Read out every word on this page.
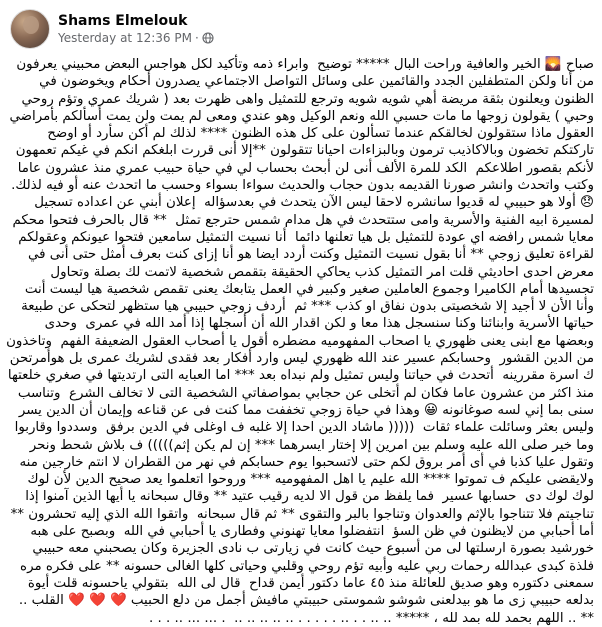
Shams Elmelouk
Yesterday at 12:36 PM ·

صباح 🌄 الخير والعافية وراحت البال ***** توضيح  وابراء ذمه وتأكيد لكل هواجس البعض محبيني يعرفون من أنا ولكن المتطفلين الجدد والقائمين على وسائل التواصل الاجتماعي يصدرون أحكام ويخوضون في الظنون ويعلنون بثقة مريضة أهي شويه شويه وترجع للتمثيل واهى ظهرت بعد ( شريك عمري وتؤم روحي وحبي ) يقولون زوجها ما مات حسبي الله ونعم الوكيل وهو عندي ومعى لم يمت ولن يمت أسألكم بأمراضي العقول ماذا ستقولون لخالقكم عندما تسألون على كل هذه الظنون **** لذلك لم أكن سأرد أو اوضح تاركتكم تخضون وبالاكاذيب ترمون وبالبزاءات احيانا تتقولون **إلا أنى قررت ابلغكم انكم في غيكم تعمهون لأنكم بقصور اطلاعكم  الكد للمرة الألف أنى لن أبحث بحساب لي في حياة حبيب عمري منذ عشرون عاما وكتب واتحدث وانشر صورنا القديمه بدون حجاب والحديث سواءا بسواء وحسب ما اتحدث عنه أو فيه لذلك. 😞 أولا هو حبيبي له قديوا سانشره لاحقا ليس الآن يتحدث في بعدسؤاله  إعلان أبني عن اعداده تسجيل لمسيرة ابيه الفنية والأسرية وامى ستتحدث في هل مدام شمس حترجع تمثل  ** قال بالحرف فتحوا محكم معايا شمس رافضه اي عودة للتمثيل بل هيا تعلنها دائما  أنا نسيت التمثيل سامعين فتحوا عيونكم وعقولكم لقراءة تعليق زوجي ** أنا بقول نسيت التمثيل وكنت أردد ايضا هو أنا إزاى كنت بعرف أمثل حتى أنى في معرض احدى احاديثي قلت امر التمثيل كذب يحاكي الحقيقة بتقمص شخصية لاتمت لك بصلة وتحاول تجسيدها أمام الكاميرا وجموع العاملين صغير وكبير في العمل يتابعك يعنى تقمص شخصية هيا ليست أنت وأنا الأن لا أجيد إلا شخصيتى بدون نفاق او كذب *** ثم  أردف زوجي حبيبي هيا ستظهر لتحكى عن طبيعة حياتها الأسرية وابنائنا وكنا سنسجل هذا معا و لكن اقدار الله أن أسجلها إذا أمد الله في عمرى  وحدى وبعضها مع ابنى يعنى ظهوري يا اصحاب المفهوميه مضطره أقول يا أصحاب العقول الضعيفة الفهم  وتاخذون من الدين القشور  وحسابكم عسير عند الله ظهوري ليس وارد أفكار بعد فقدى لشريك عمرى بل هوأمرتحن ك اسرة مقررينه  أتحدث في حياتنا وليس تمثيل ولم نبداه بعد *** اما العبايه التى ارتديتها في صغري خلعتها منذ اكثر من عشرون عاما فكان لم أتخلى عن حجابي بمواصفاتي الشخصية التى لا تخالف الشرع  وتناسب سنى بما إني لسه صوغانونه 😀 وهذا في حياة زوجي تخففت مما كنت فى عن قناعه وإيمان أن الدين يسر وليس بعثر وسائلت علماء ثقات  ((((( ماشاد الدين احدا إلا غلبه ف اوغلى في الدين برفق  وسددوا وقاربوا وما خير صلى الله عليه وسلم بين امرين إلا إختار ايسرهما *** إن لم يكن إثم))))) ف بلاش شحط ونحر وتقول عليا كذبا في أى أمر بروق لكم حتى لاتسحبوا يوم حسابكم في نهر من القطران لا انتم خارجين منه ولايقضى عليكم ف تموتوا **** الله عليم يا اهل المفهوميه *** وروحوا اتعلموا يعد صحيح الدين لأن لوك لوك لوك دى  حسابها عسير  فما يلفظ من قول الا لديه رقيب عتيد ** وقال سبحانه يا أيها الذين آمنوا إذا تناجيتم فلا تتناجوا بالإثم والعدوان وتناجوا بالبر والتقوى ** ثم قال سبحانه  واتقوا الله الذي إليه تحشرون ** أما أحبابي من لايظنون في ظن السؤ  انتفضلوا معايا تهنوني وفطارى يا أحبابي في الله  وبصبح على هبه خورشيد بصورة ارسلتها لى من أسبوع حيث كانت في زيارتى ب نادى الجزيرة وكان يصحبني معه حبيبي فلذة كبدى عبدالله رحمات ربي عليه وأبيه تؤم روحي وقلبي وحياتى كلها الغالى حسونه ** على فكره مره سمعنى دكتوره وهو صديق للعائلة منذ ٤٥ عاما دكتور أيمن قداح  قال لى الله  بتقولي ياحسونه قلت أيوة بدلعه حبيبي زى ما هو بيدلعنى شوشو شموستى حبيبتي مافيش أجمل من دلع الحبيب ❤️ ❤️ ❤️ القلب ..  ** .. اللهم بحمد لله بمد لله ، ***** .. .. . . .. . . . . . .. .. .. .. ..  . ... ... .. . . .
